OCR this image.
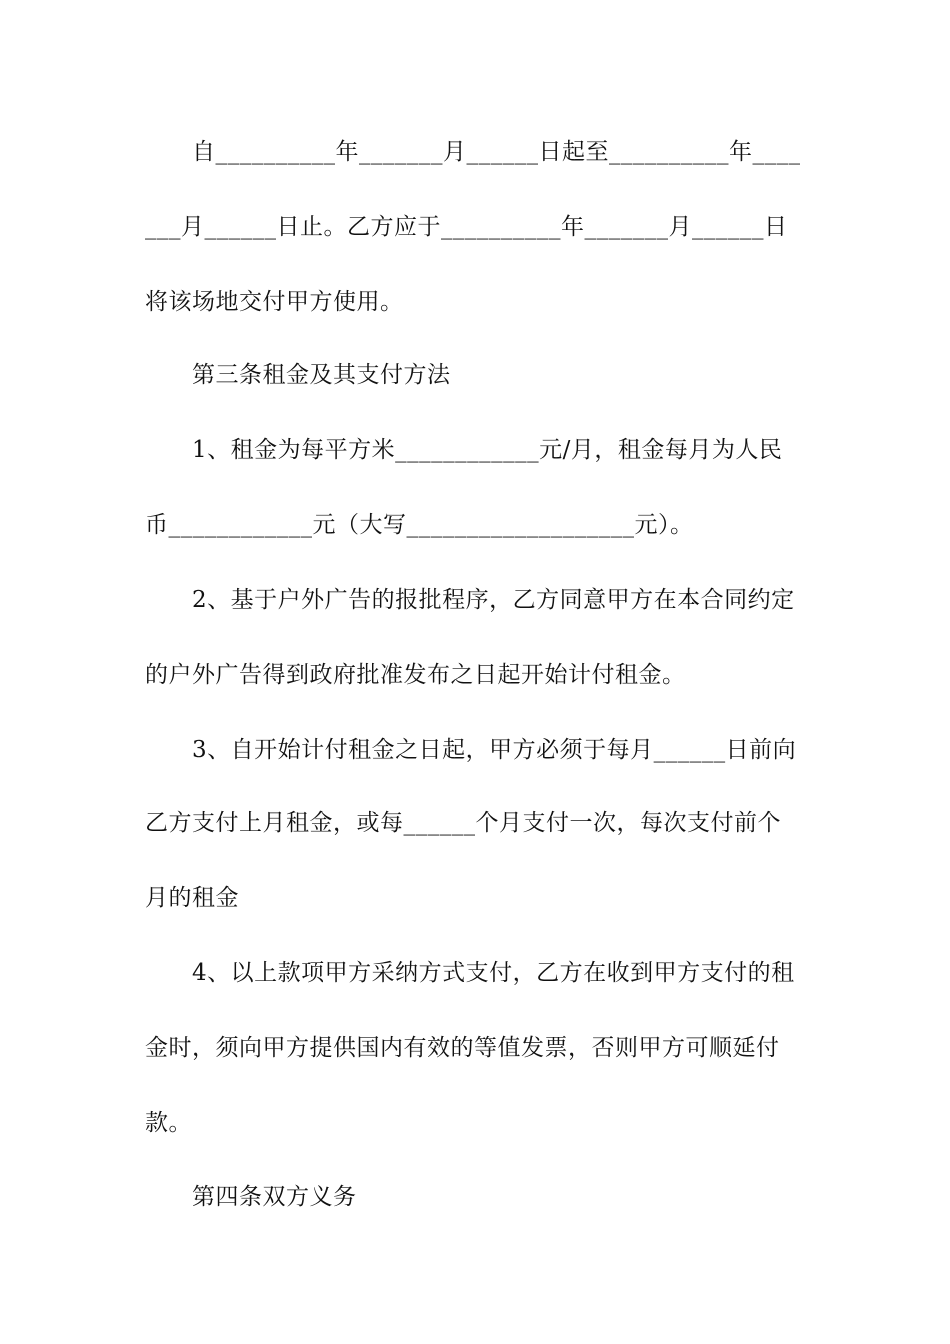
自__________年_______月______日起至__________年____
___月______日止。乙方应于__________年_______月______日
将该场地交付甲方使用。
第三条租金及其支付方法
1、租金为每平方米____________元/月，租金每月为人民
币____________元（大写___________________元）。
2、基于户外广告的报批程序，乙方同意甲方在本合同约定
的户外广告得到政府批准发布之日起开始计付租金。
3、自开始计付租金之日起，甲方必须于每月______日前向
乙方支付上月租金，或每______个月支付一次，每次支付前个
月的租金
4、以上款项甲方采纳方式支付，乙方在收到甲方支付的租
金时，须向甲方提供国内有效的等值发票，否则甲方可顺延付
款。
第四条双方义务
